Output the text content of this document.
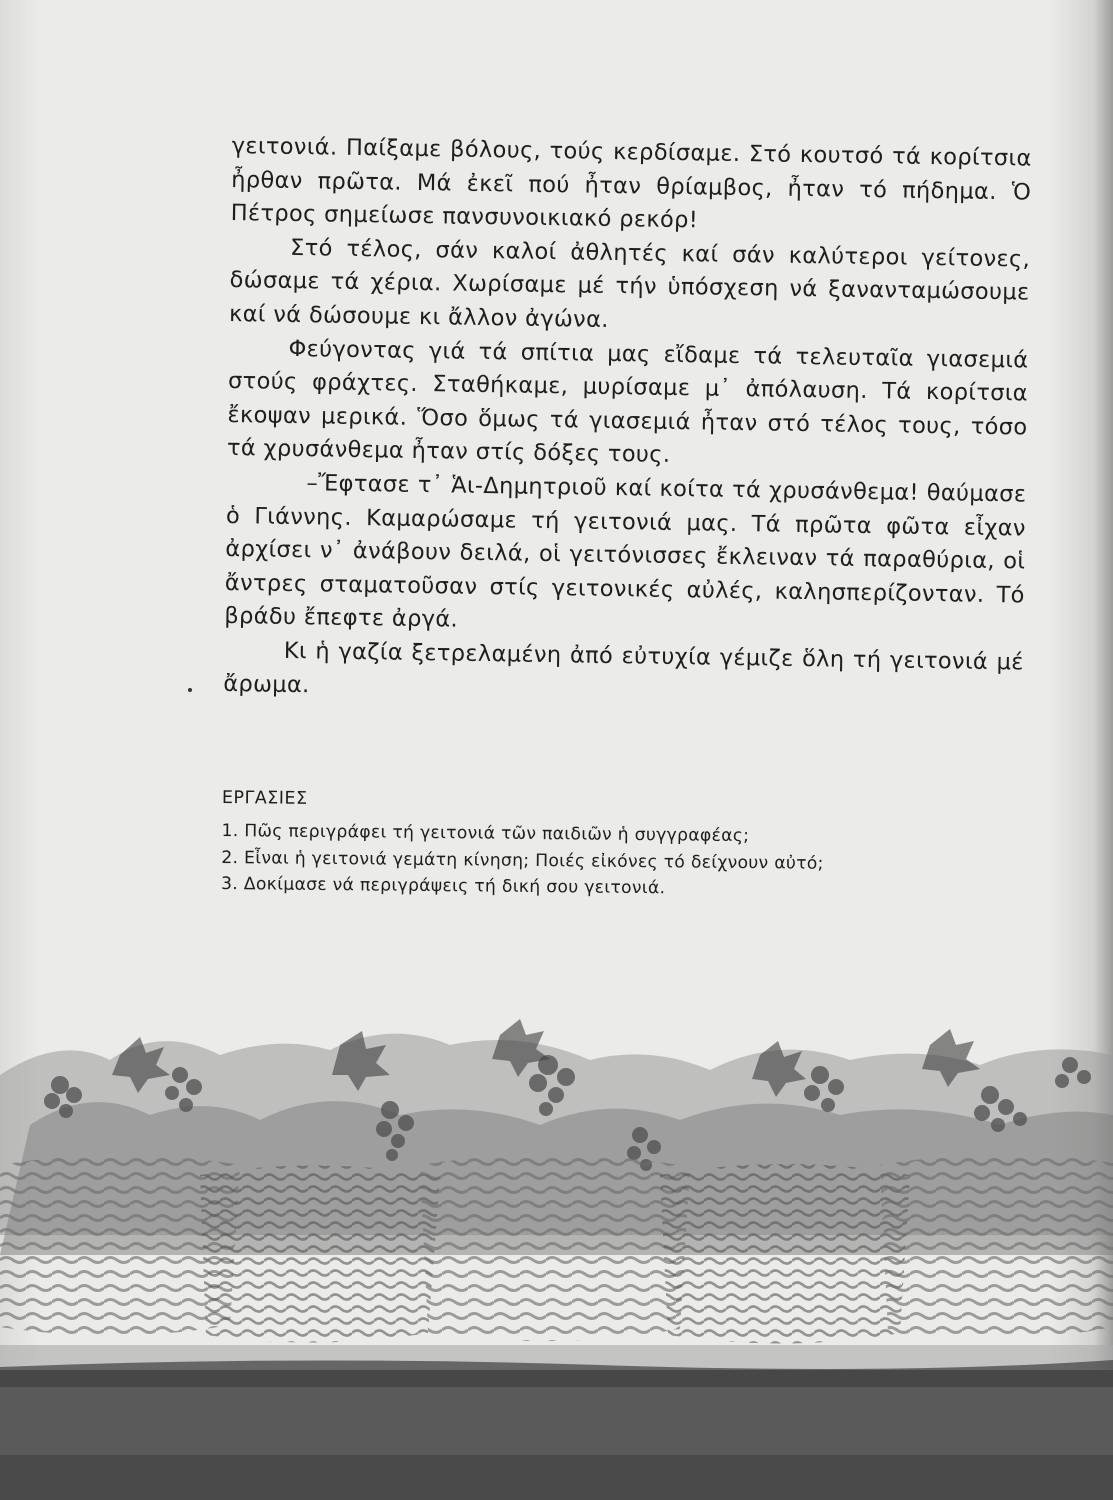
γειτονιά. Παίξαμε βόλους, τούς κερδίσαμε. Στό κουτσό τά κορίτσια ἦρθαν πρῶτα. Μά ἐκεῖ πού ἦταν θρίαμβος, ἦταν τό πήδημα. Ὁ Πέτρος σημείωσε πανσυνοικιακό ρεκόρ!

Στό τέλος, σάν καλοί ἀθλητές καί σάν καλύτεροι γείτονες, δώσαμε τά χέρια. Χωρίσαμε μέ τήν ὑπόσχεση νά ξανανταμώσουμε καί νά δώσουμε κι ἄλλον ἀγώνα.

Φεύγοντας γιά τά σπίτια μας εἴδαμε τά τελευταῖα γιασεμιά στούς φράχτες. Σταθήκαμε, μυρίσαμε μ᾿ ἀπόλαυση. Τά κορίτσια ἔκοψαν μερικά. Ὅσο ὅμως τά γιασεμιά ἦταν στό τέλος τους, τόσο τά χρυσάνθεμα ἦταν στίς δόξες τους.

–Ἔφτασε τ᾿ Ἁι-Δημητριοῦ καί κοίτα τά χρυσάνθεμα! θαύμασε ὁ Γιάννης. Καμαρώσαμε τή γειτονιά μας. Τά πρῶτα φῶτα εἶχαν ἀρχίσει ν᾿ ἀνάβουν δειλά, οἱ γειτόνισσες ἔκλειναν τά παραθύρια, οἱ ἄντρες σταματοῦσαν στίς γειτονικές αὐλές, καλησπερίζονταν. Τό βράδυ ἔπεφτε ἀργά.

Κι ἡ γαζία ξετρελαμένη ἀπό εὐτυχία γέμιζε ὅλη τή γειτονιά μέ ἄρωμα.

ΕΡΓΑΣΙΕΣ

1. Πῶς περιγράφει τή γειτονιά τῶν παιδιῶν ἡ συγγραφέας;
2. Εἶναι ἡ γειτονιά γεμάτη κίνηση; Ποιές εἰκόνες τό δείχνουν αὐτό;
3. Δοκίμασε νά περιγράψεις τή δική σου γειτονιά.
